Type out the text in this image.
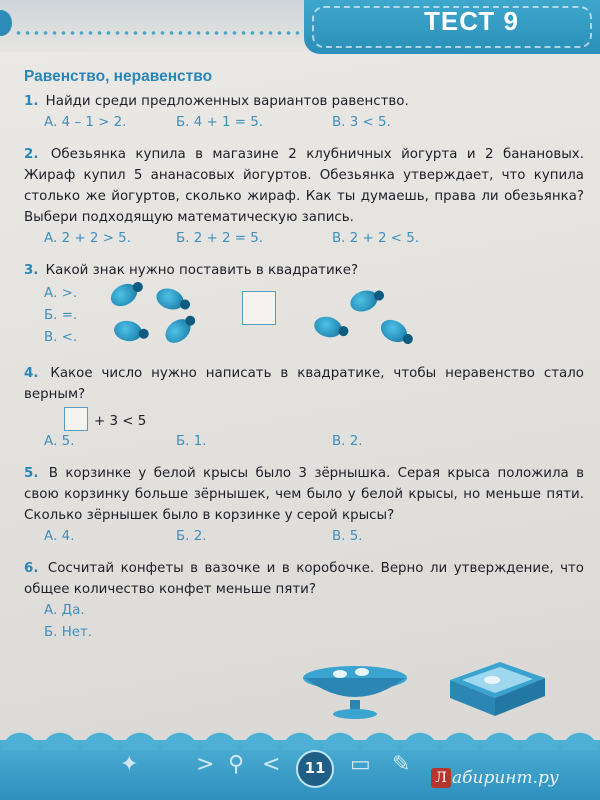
ТЕСТ 9
Равенство, неравенство
1. Найди среди предложенных вариантов равенство.
А. 4 – 1 > 2.	Б. 4 + 1 = 5.	В. 3 < 5.
2. Обезьянка купила в магазине 2 клубничных йогурта и 2 банановых. Жираф купил 5 ананасовых йогуртов. Обезьянка утверждает, что купила столько же йогуртов, сколько жираф. Как ты думаешь, права ли обезьянка? Выбери подходящую математическую запись.
А. 2 + 2 > 5.	Б. 2 + 2 = 5.	В. 2 + 2 < 5.
3. Какой знак нужно поставить в квадратике?
А. >.
Б. =.
В. <.
4. Какое число нужно написать в квадратике, чтобы неравенство стало верным?
+ 3 < 5
А. 5.	Б. 1.	В. 2.
5. В корзинке у белой крысы было 3 зёрнышка. Серая крыса положила в свою корзинку больше зёрнышек, чем было у белой крысы, но меньше пяти. Сколько зёрнышек было в корзинке у серой крысы?
А. 4.	Б. 2.	В. 5.
6. Сосчитай конфеты в вазочке и в коробочке. Верно ли утверждение, что общее количество конфет меньше пяти?
А. Да.
Б. Нет.
✦	> ⚲ <	11 ▭ ✎
Л абиринт.ру
